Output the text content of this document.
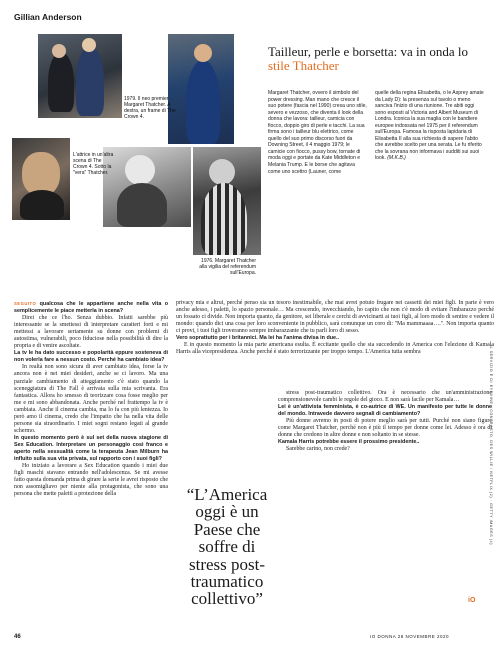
Gillian Anderson
1979. Il neo premier Margaret Thatcher. A destra, un frame di The Crown 4.
L'attrice in un'altra scena di The Crown 4. Sotto la "vera" Thatcher.
1976. Margaret Thatcher alla vigilia del referendum sull'Europa.
Tailleur, perle e borsetta: va in onda lo stile Thatcher
Margaret Thatcher, ovvero il simbolo del power dressing. Man mano che cresce il suo potere (fascia nel 1990) cresa uno stile, severo e vezzoso, che diventa il look della donna che lavora: tailleur, camicia con fiocco, doppio giro di perle e tacchi. La sua firma sono i tailleur blu elettrico, come quello del suo primo discorso fuori da Downing Street, il 4 maggio 1979; le camicie con fiocco, pussy bow, tornate di moda oggi e portate da Kate Middleton e Melania Trump. E le borse che agitava come uno scettro (Launer, come
quelle della regina Elisabetta, o le Asprey amate da Lady D): la presenza sul tavolo o meno sanciva l'inizio di una riunione. Tre abiti oggi sono esposti al Victoria and Albert Museum di Londra. Iconica la sua maglia con le bandiere europee indossata nel 1975 per il referendum sull'Europa. Famosa la risposta lapidaria di Elisabetta II alla sua richiesta di sapere l'abito che avrebbe scelto per una serata. Le fu riferito che la sovrana non informava i sudditi sui suoi look. (M.K.B.)

SEGUITO qualcosa che le appartiene anche nella vita o semplicemente le piace metterla in scena?

Direi che ce l'ho. Senza dubbio. Infatti sarebbe più interessante se la smettessi di interpretare caratteri forti e mi mettessi a lavorare seriamente su donne con problemi di autostima, vulnerabili, poco fiduciose nella possibilità di dire la propria e di venire ascoltate.

La tv le ha dato successo e popolarità eppure sosteneva di non volerla fare a nessun costo. Perché ha cambiato idea?

In realtà non sono sicura di aver cambiato idea, forse la tv ancora non è nei miei desideri, anche se ci lavoro. Ma una parziale cambiamento di atteggiamento c'è stato quando la sceneggiatura di The Fall è arrivata sulla mia scrivania. Era fantastica. Allora ho smesso di teorizzare cosa fosse meglio per me e mi sono abbandonata. Anche perché nel frattempo la tv è cambiata. Anche il cinema cambia, ma lo fa con più lentezza. Io però amo il cinema, credo che l'impatto che ha nella vita delle persone sia straordinario. I miei sogni restano legati al grande schermo.

In questo momento però è sul set della nuova stagione di Sex Education. Interpretare un personaggio così franco e aperto nella sessualità come la terapeuta Jean Milburn ha influito sulla sua vita privata, sul rapporto con i suoi figli?

Ho iniziato a lavorare a Sex Education quando i miei due figli maschi stavano entrando nell'adolescenza. Se mi avesse fatto questa domanda prima di girare la serie le avrei risposto che non assomigliavo per niente alla protagonista, che sono una persona che mette paletti a protezione della

privacy mia e altrui, perché penso sia un tesoro inestimabile, che mai avrei potuto frugare nei cassetti dei miei figli. In parte è vero anche adesso, i paletti, lo spazio personale… Ma crescendo, invecchiando, ho capito che non c'è modo di evitare l'imbarazzo perché un fossato ci divide. Non importa quanto, da genitore, sei liberale e cerchi di avvicinarti ai tuoi figli, al loro modo di sentire e vedere il mondo: quando dici una cosa per loro sconveniente in pubblico, sarà comunque un coro di: "Ma mammaaaa….". Non importa quanto ci provi, i tuoi figli troveranno sempre imbarazzante che tu parli loro di sesso.

Vero soprattutto per i britannici. Ma lei ha l'anima divisa in due..

E in questo momento la mia parte americana esulta. È eccitante quello che sta succedendo in America con l'elezione di Kamala Harris alla vicepresidenza. Anche perché è stato terrorizzante per troppo tempo. L'America tutta sembra

stress post-traumatico collettivo. Ora è necessario che un'amministrazione comprensionevole cambi le regole del gioco. E non sarà facile per Kamala…

Lei è un'attivista femminista, è co-autrice di WE. Un manifesto per tutte le donne del mondo. Intravede davvero segnali di cambiamento?

Più donne avremo in posti di potere meglio sarà per tutti. Purché non siano figure come Margaret Thatcher, perché non è più il tempo per donne come lei. Adesso è ora di donne che credono in altre donne e non soltanto in se stesse.

Kamala Harris potrebbe essere il prossimo presidente..

Sarebbe carino, non crede?

“L’America oggi è un Paese che soffre di stress post-traumatico collettivo”
IL SERVIZIO È DI EYEVINE / CONTRASTO, DES WILLIE / NETFLIX (2) · GETTY IMAGES (4)
iO
46	IO DONNA 28 NOVEMBRE 2020
